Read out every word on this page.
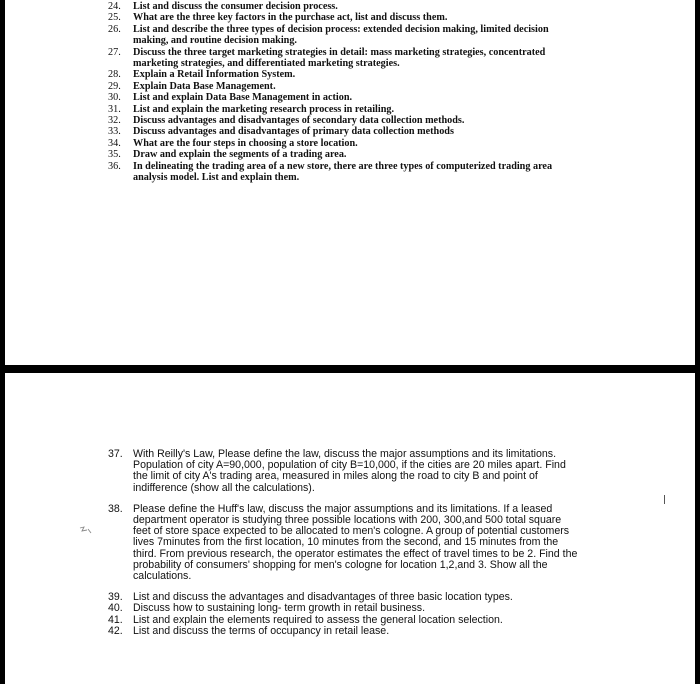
24.	List and discuss the consumer decision process.
25.	What are the three key factors in the purchase act, list and discuss them.
26.	List and describe the three types of decision process: extended decision making, limited decision making, and routine decision making.
27.	Discuss the three target marketing strategies in detail: mass marketing strategies, concentrated marketing strategies, and differentiated marketing strategies.
28.	Explain a Retail Information System.
29.	Explain Data Base Management.
30.	List and explain Data Base Management in action.
31.	List and explain the marketing research process in retailing.
32.	Discuss advantages and disadvantages of secondary data collection methods.
33.	Discuss advantages and disadvantages of primary data collection methods
34.	What are the four steps in choosing a store location.
35.	Draw and explain the segments of a trading area.
36.	In delineating the trading area of a new store, there are three types of computerized trading area analysis model. List and explain them.
37. With Reilly's Law, Please define the law, discuss the major assumptions and its limitations. Population of city A=90,000, population of city B=10,000, if the cities are 20 miles apart. Find the limit of city A's trading area, measured in miles along the road to city B and point of indifference (show all the calculations).
38. Please define the Huff's law, discuss the major assumptions and its limitations. If a leased department operator is studying three possible locations with 200, 300,and 500 total square feet of store space expected to be allocated to men's cologne. A group of potential customers lives 7minutes from the first location, 10 minutes from the second, and 15 minutes from the third. From previous research, the operator estimates the effect of travel times to be 2. Find the probability of consumers' shopping for men's cologne for location 1,2,and 3. Show all the calculations.
39. List and discuss the advantages and disadvantages of three basic location types.
40. Discuss how to sustaining long- term growth in retail business.
41. List and explain the elements required to assess the general location selection.
42. List and discuss the terms of occupancy in retail lease.
